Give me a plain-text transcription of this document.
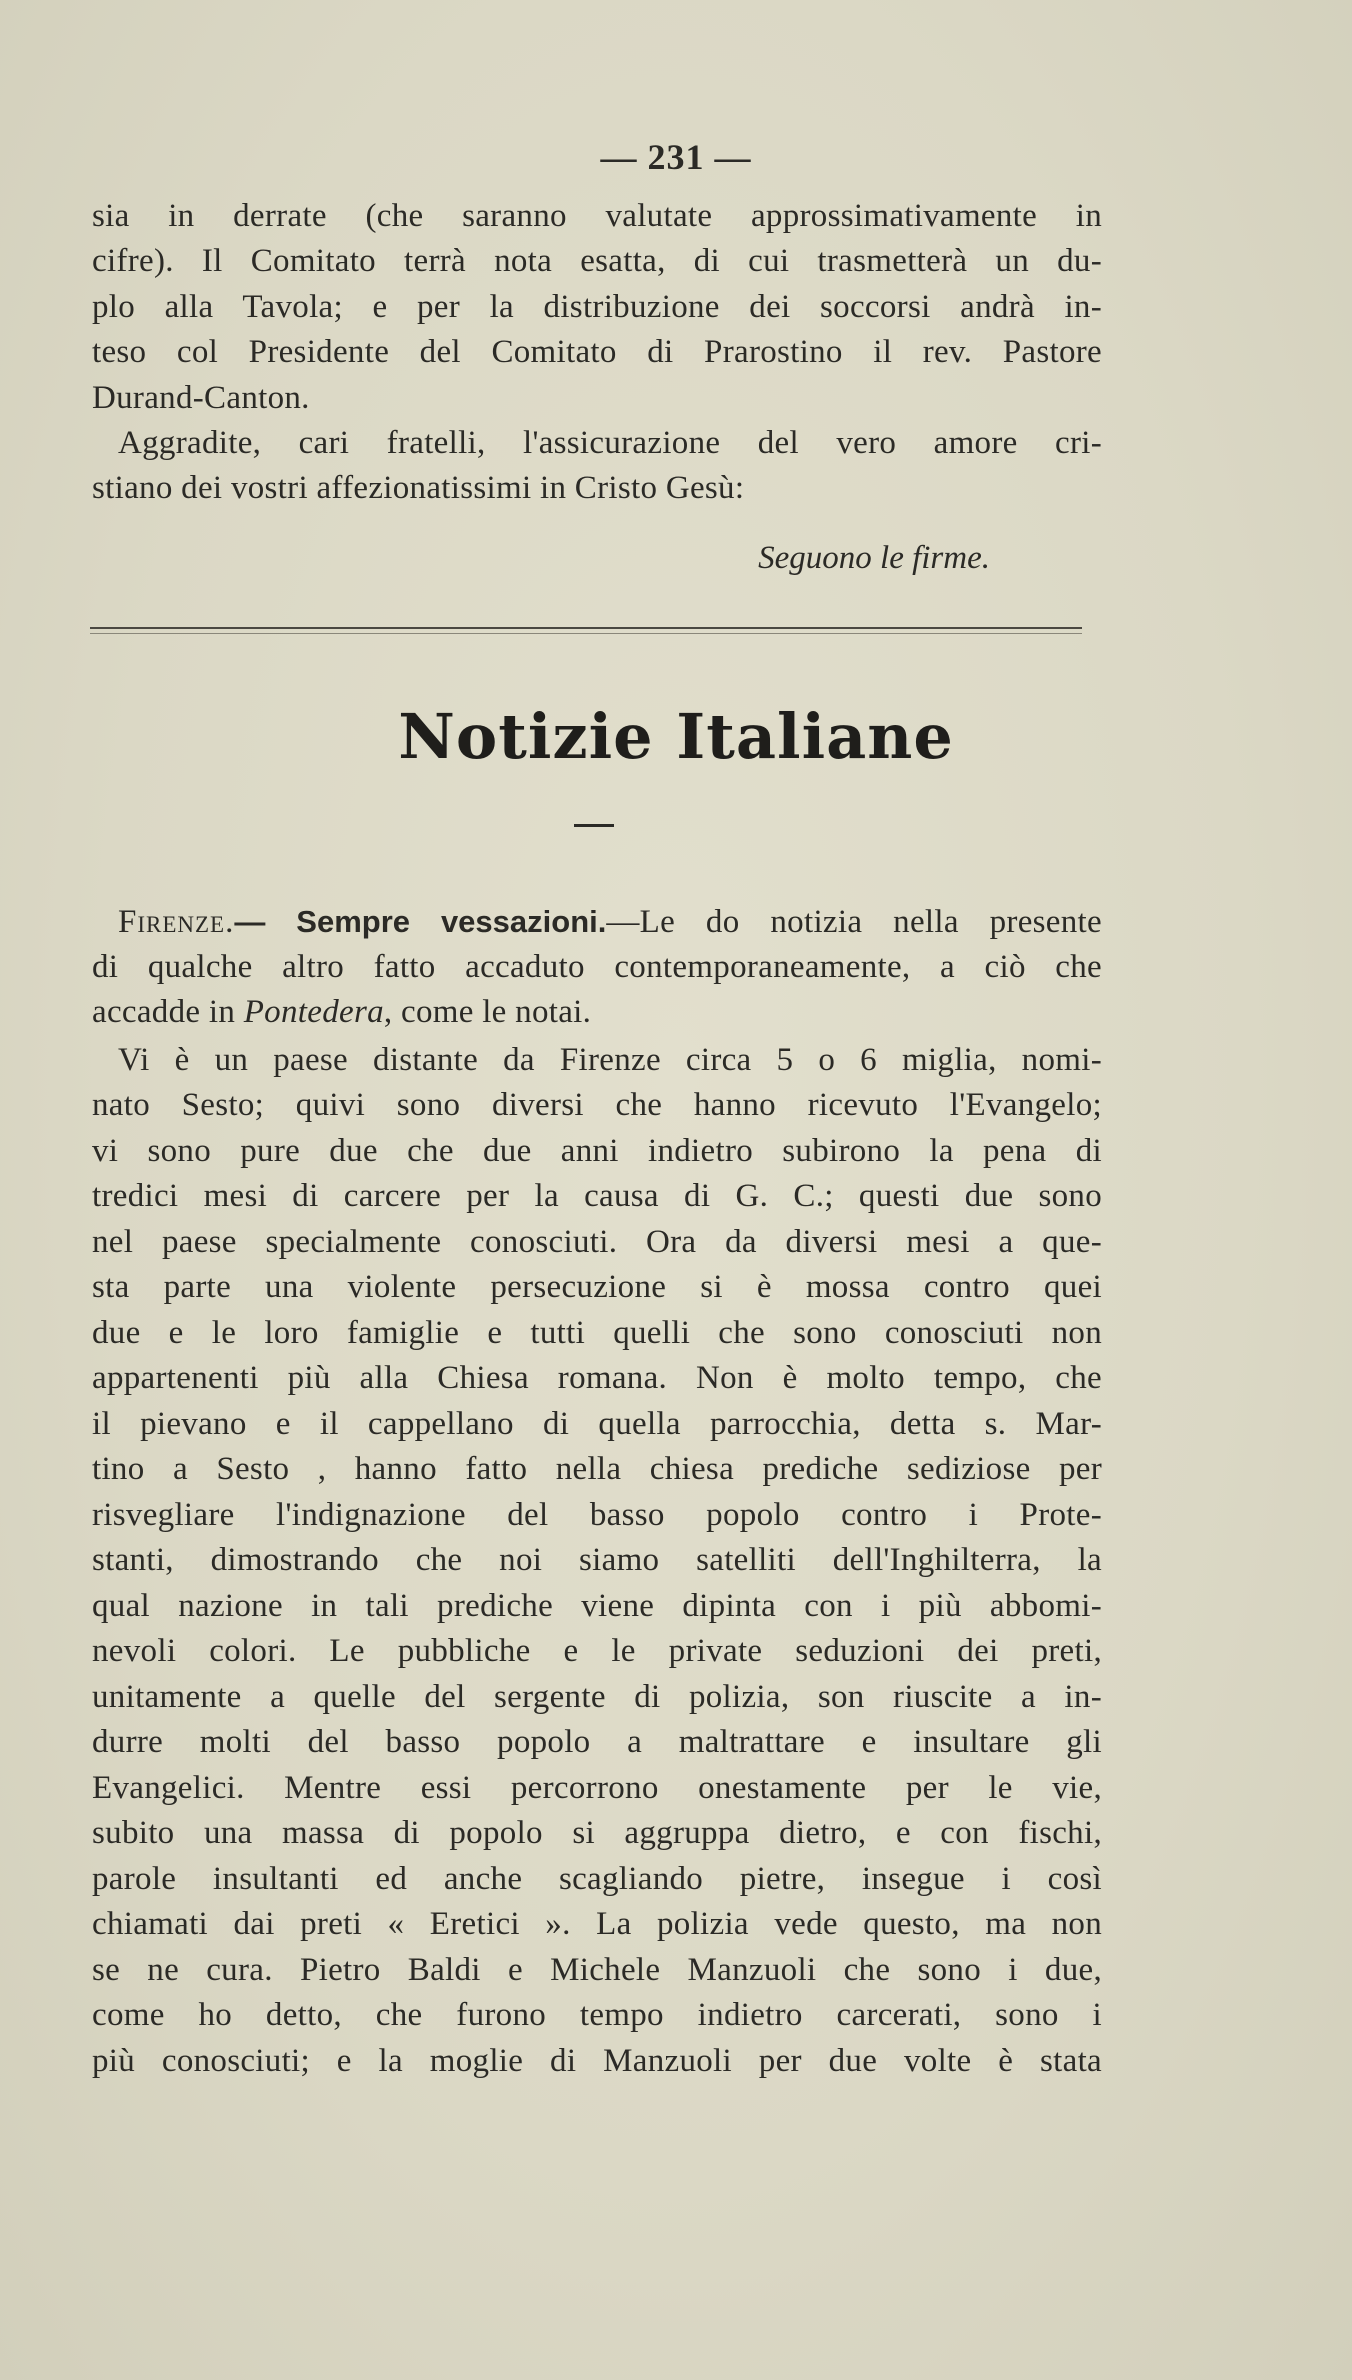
— 231 —
sia in derrate (che saranno valutate approssimativamente in
cifre). Il Comitato terrà nota esatta, di cui trasmetterà un du-
plo alla Tavola; e per la distribuzione dei soccorsi andrà in-
teso col Presidente del Comitato di Prarostino il rev. Pastore
Durand-Canton.
Aggradite, cari fratelli, l'assicurazione del vero amore cri-
stiano dei vostri affezionatissimi in Cristo Gesù:
Seguono le firme.
Notizie Italiane
Firenze.— Sempre vessazioni.—Le do notizia nella presente
di qualche altro fatto accaduto contemporaneamente, a ciò che
accadde in Pontedera, come le notai.
Vi è un paese distante da Firenze circa 5 o 6 miglia, nomi-
nato Sesto; quivi sono diversi che hanno ricevuto l'Evangelo;
vi sono pure due che due anni indietro subirono la pena di
tredici mesi di carcere per la causa di G. C.; questi due sono
nel paese specialmente conosciuti. Ora da diversi mesi a que-
sta parte una violente persecuzione si è mossa contro quei
due e le loro famiglie e tutti quelli che sono conosciuti non
appartenenti più alla Chiesa romana. Non è molto tempo, che
il pievano e il cappellano di quella parrocchia, detta s. Mar-
tino a Sesto , hanno fatto nella chiesa prediche sediziose per
risvegliare l'indignazione del basso popolo contro i Prote-
stanti, dimostrando che noi siamo satelliti dell'Inghilterra, la
qual nazione in tali prediche viene dipinta con i più abbomi-
nevoli colori. Le pubbliche e le private seduzioni dei preti,
unitamente a quelle del sergente di polizia, son riuscite a in-
durre molti del basso popolo a maltrattare e insultare gli
Evangelici. Mentre essi percorrono onestamente per le vie,
subito una massa di popolo si aggruppa dietro, e con fischi,
parole insultanti ed anche scagliando pietre, insegue i così
chiamati dai preti « Eretici ». La polizia vede questo, ma non
se ne cura. Pietro Baldi e Michele Manzuoli che sono i due,
come ho detto, che furono tempo indietro carcerati, sono i
più conosciuti; e la moglie di Manzuoli per due volte è stata
